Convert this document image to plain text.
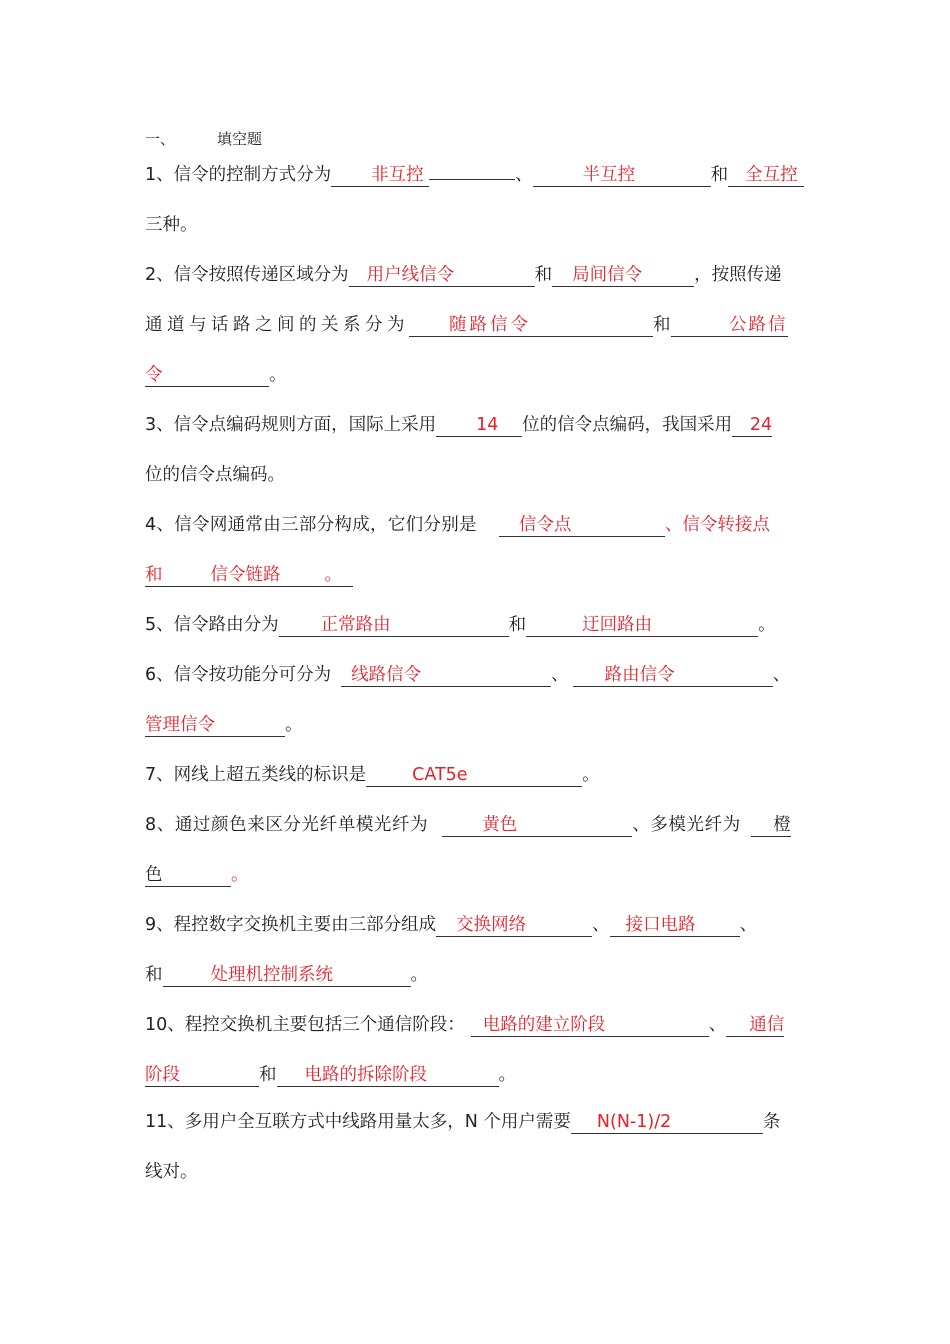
一、	填空题
1、信令的控制方式分为 非互控	、	半互控	和 全互控
三种。
2、信令按照传递区域分为 用户线信令	和 局间信令	，按照传递
通道与话路之间的关系分为 随路信令	和	公路信
令	。
3、信令点编码规则方面，国际上采用 14 位的信令点编码，我国采用 24
位的信令点编码。
4、信令网通常由三部分构成，它们分别是 信令点	、信令转接点
和	信令链路	。
5、信令路由分为 正常路由	和	迂回路由	。
6、信令按功能分可分为 线路信令	、 路由信令	、
管理信令	。
7、网线上超五类线的标识是	CAT5e	。
8、通过颜色来区分光纤单模光纤为	黄色	、多模光纤为 橙
色	。
9、程控数字交换机主要由三部分组成 交换网络	、 接口电路	、
和	处理机控制系统	。
10、程控交换机主要包括三个通信阶段： 电路的建立阶段	、 通信
阶段	和 电路的拆除阶段	。
11、多用户全互联方式中线路用量太多，N 个用户需要 N(N-1)/2	条
线对。
